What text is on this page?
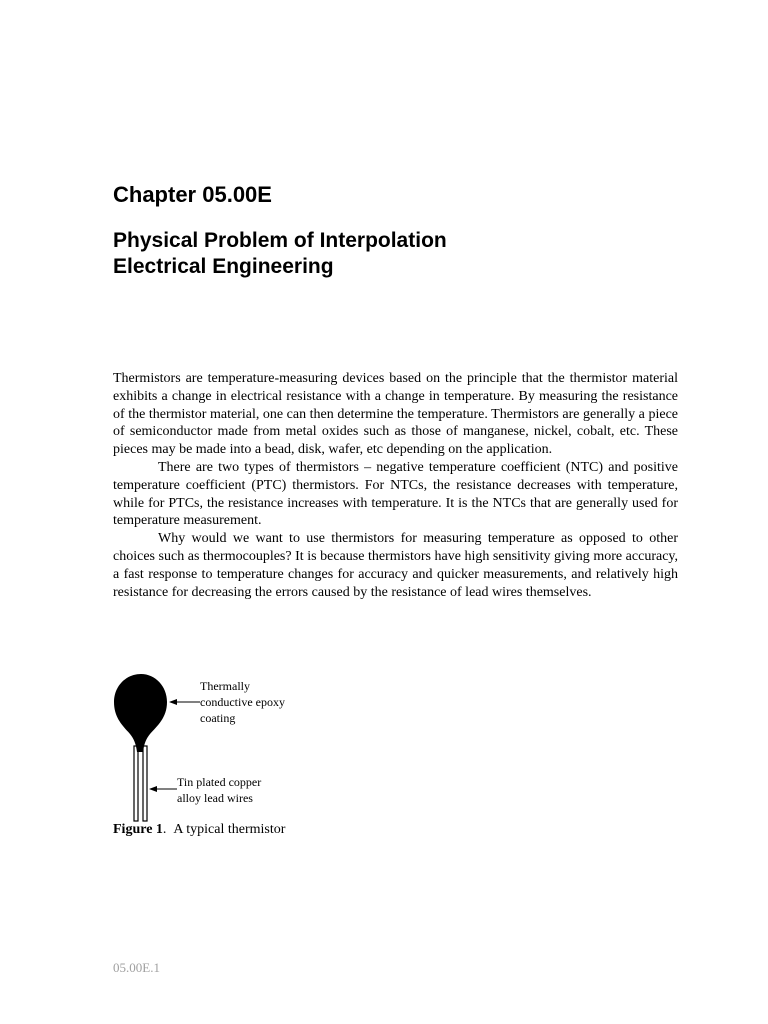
Chapter 05.00E
Physical Problem of Interpolation
Electrical Engineering

Thermistors are temperature-measuring devices based on the principle that the thermistor material exhibits a change in electrical resistance with a change in temperature. By measuring the resistance of the thermistor material, one can then determine the temperature. Thermistors are generally a piece of semiconductor made from metal oxides such as those of manganese, nickel, cobalt, etc. These pieces may be made into a bead, disk, wafer, etc depending on the application.

There are two types of thermistors – negative temperature coefficient (NTC) and positive temperature coefficient (PTC) thermistors. For NTCs, the resistance decreases with temperature, while for PTCs, the resistance increases with temperature. It is the NTCs that are generally used for temperature measurement.

Why would we want to use thermistors for measuring temperature as opposed to other choices such as thermocouples? It is because thermistors have high sensitivity giving more accuracy, a fast response to temperature changes for accuracy and quicker measurements, and relatively high resistance for decreasing the errors caused by the resistance of lead wires themselves.

Thermally
conductive epoxy
coating
Tin plated copper
alloy lead wires
Figure 1.  A typical thermistor
05.00E.1
